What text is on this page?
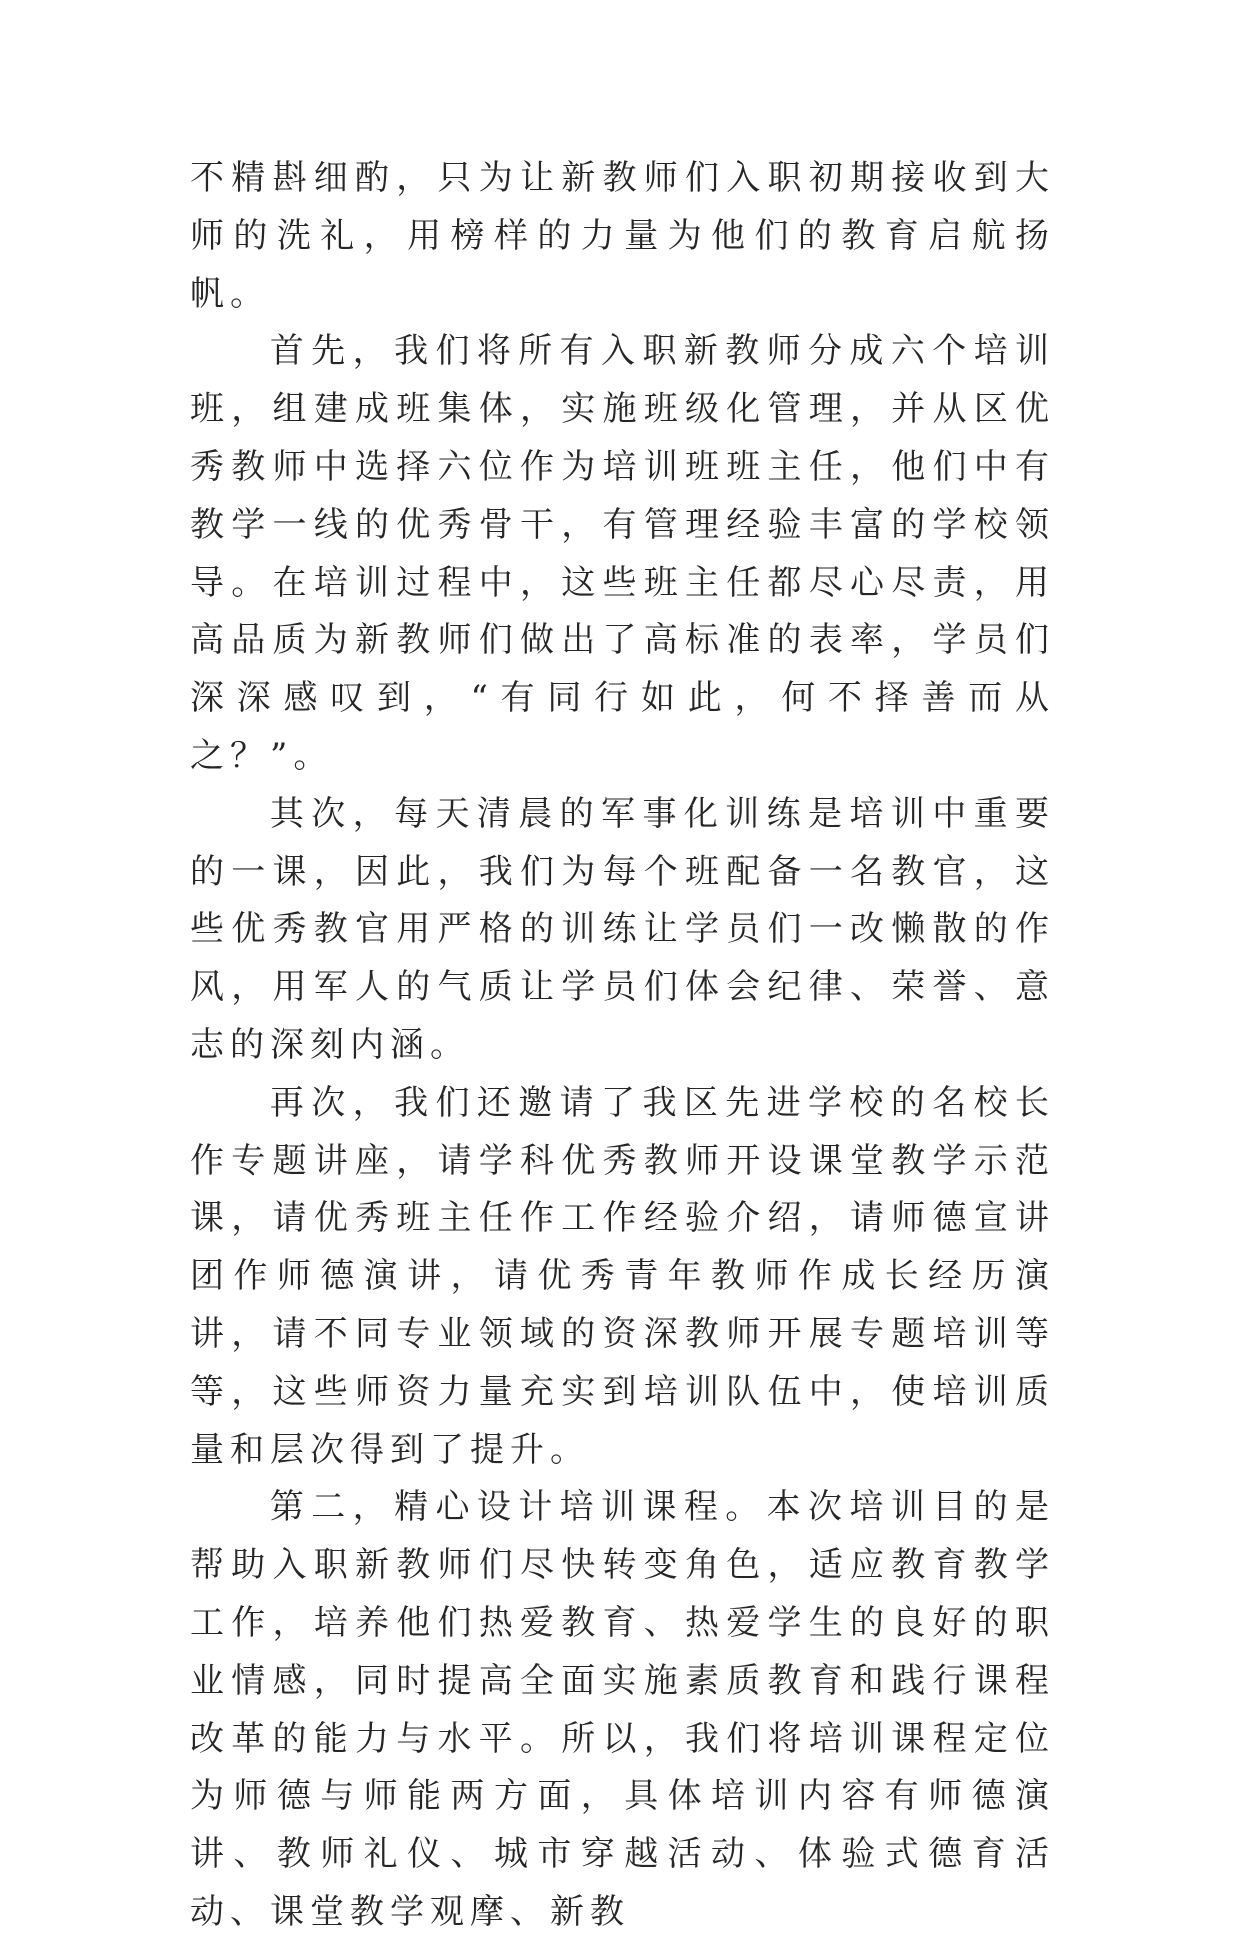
不精斟细酌，只为让新教师们入职初期接收到大师的洗礼，用榜样的力量为他们的教育启航扬帆。

首先，我们将所有入职新教师分成六个培训班，组建成班集体，实施班级化管理，并从区优秀教师中选择六位作为培训班班主任，他们中有教学一线的优秀骨干，有管理经验丰富的学校领导。在培训过程中，这些班主任都尽心尽责，用高品质为新教师们做出了高标准的表率，学员们深深感叹到，“有同行如此，何不择善而从之？”。

其次，每天清晨的军事化训练是培训中重要的一课，因此，我们为每个班配备一名教官，这些优秀教官用严格的训练让学员们一改懒散的作风，用军人的气质让学员们体会纪律、荣誉、意志的深刻内涵。

再次，我们还邀请了我区先进学校的名校长作专题讲座，请学科优秀教师开设课堂教学示范课，请优秀班主任作工作经验介绍，请师德宣讲团作师德演讲，请优秀青年教师作成长经历演讲，请不同专业领域的资深教师开展专题培训等等，这些师资力量充实到培训队伍中，使培训质量和层次得到了提升。

第二，精心设计培训课程。本次培训目的是帮助入职新教师们尽快转变角色，适应教育教学工作，培养他们热爱教育、热爱学生的良好的职业情感，同时提高全面实施素质教育和践行课程改革的能力与水平。所以，我们将培训课程定位为师德与师能两方面，具体培训内容有师德演讲、教师礼仪、城市穿越活动、体验式德育活动、课堂教学观摩、新教
